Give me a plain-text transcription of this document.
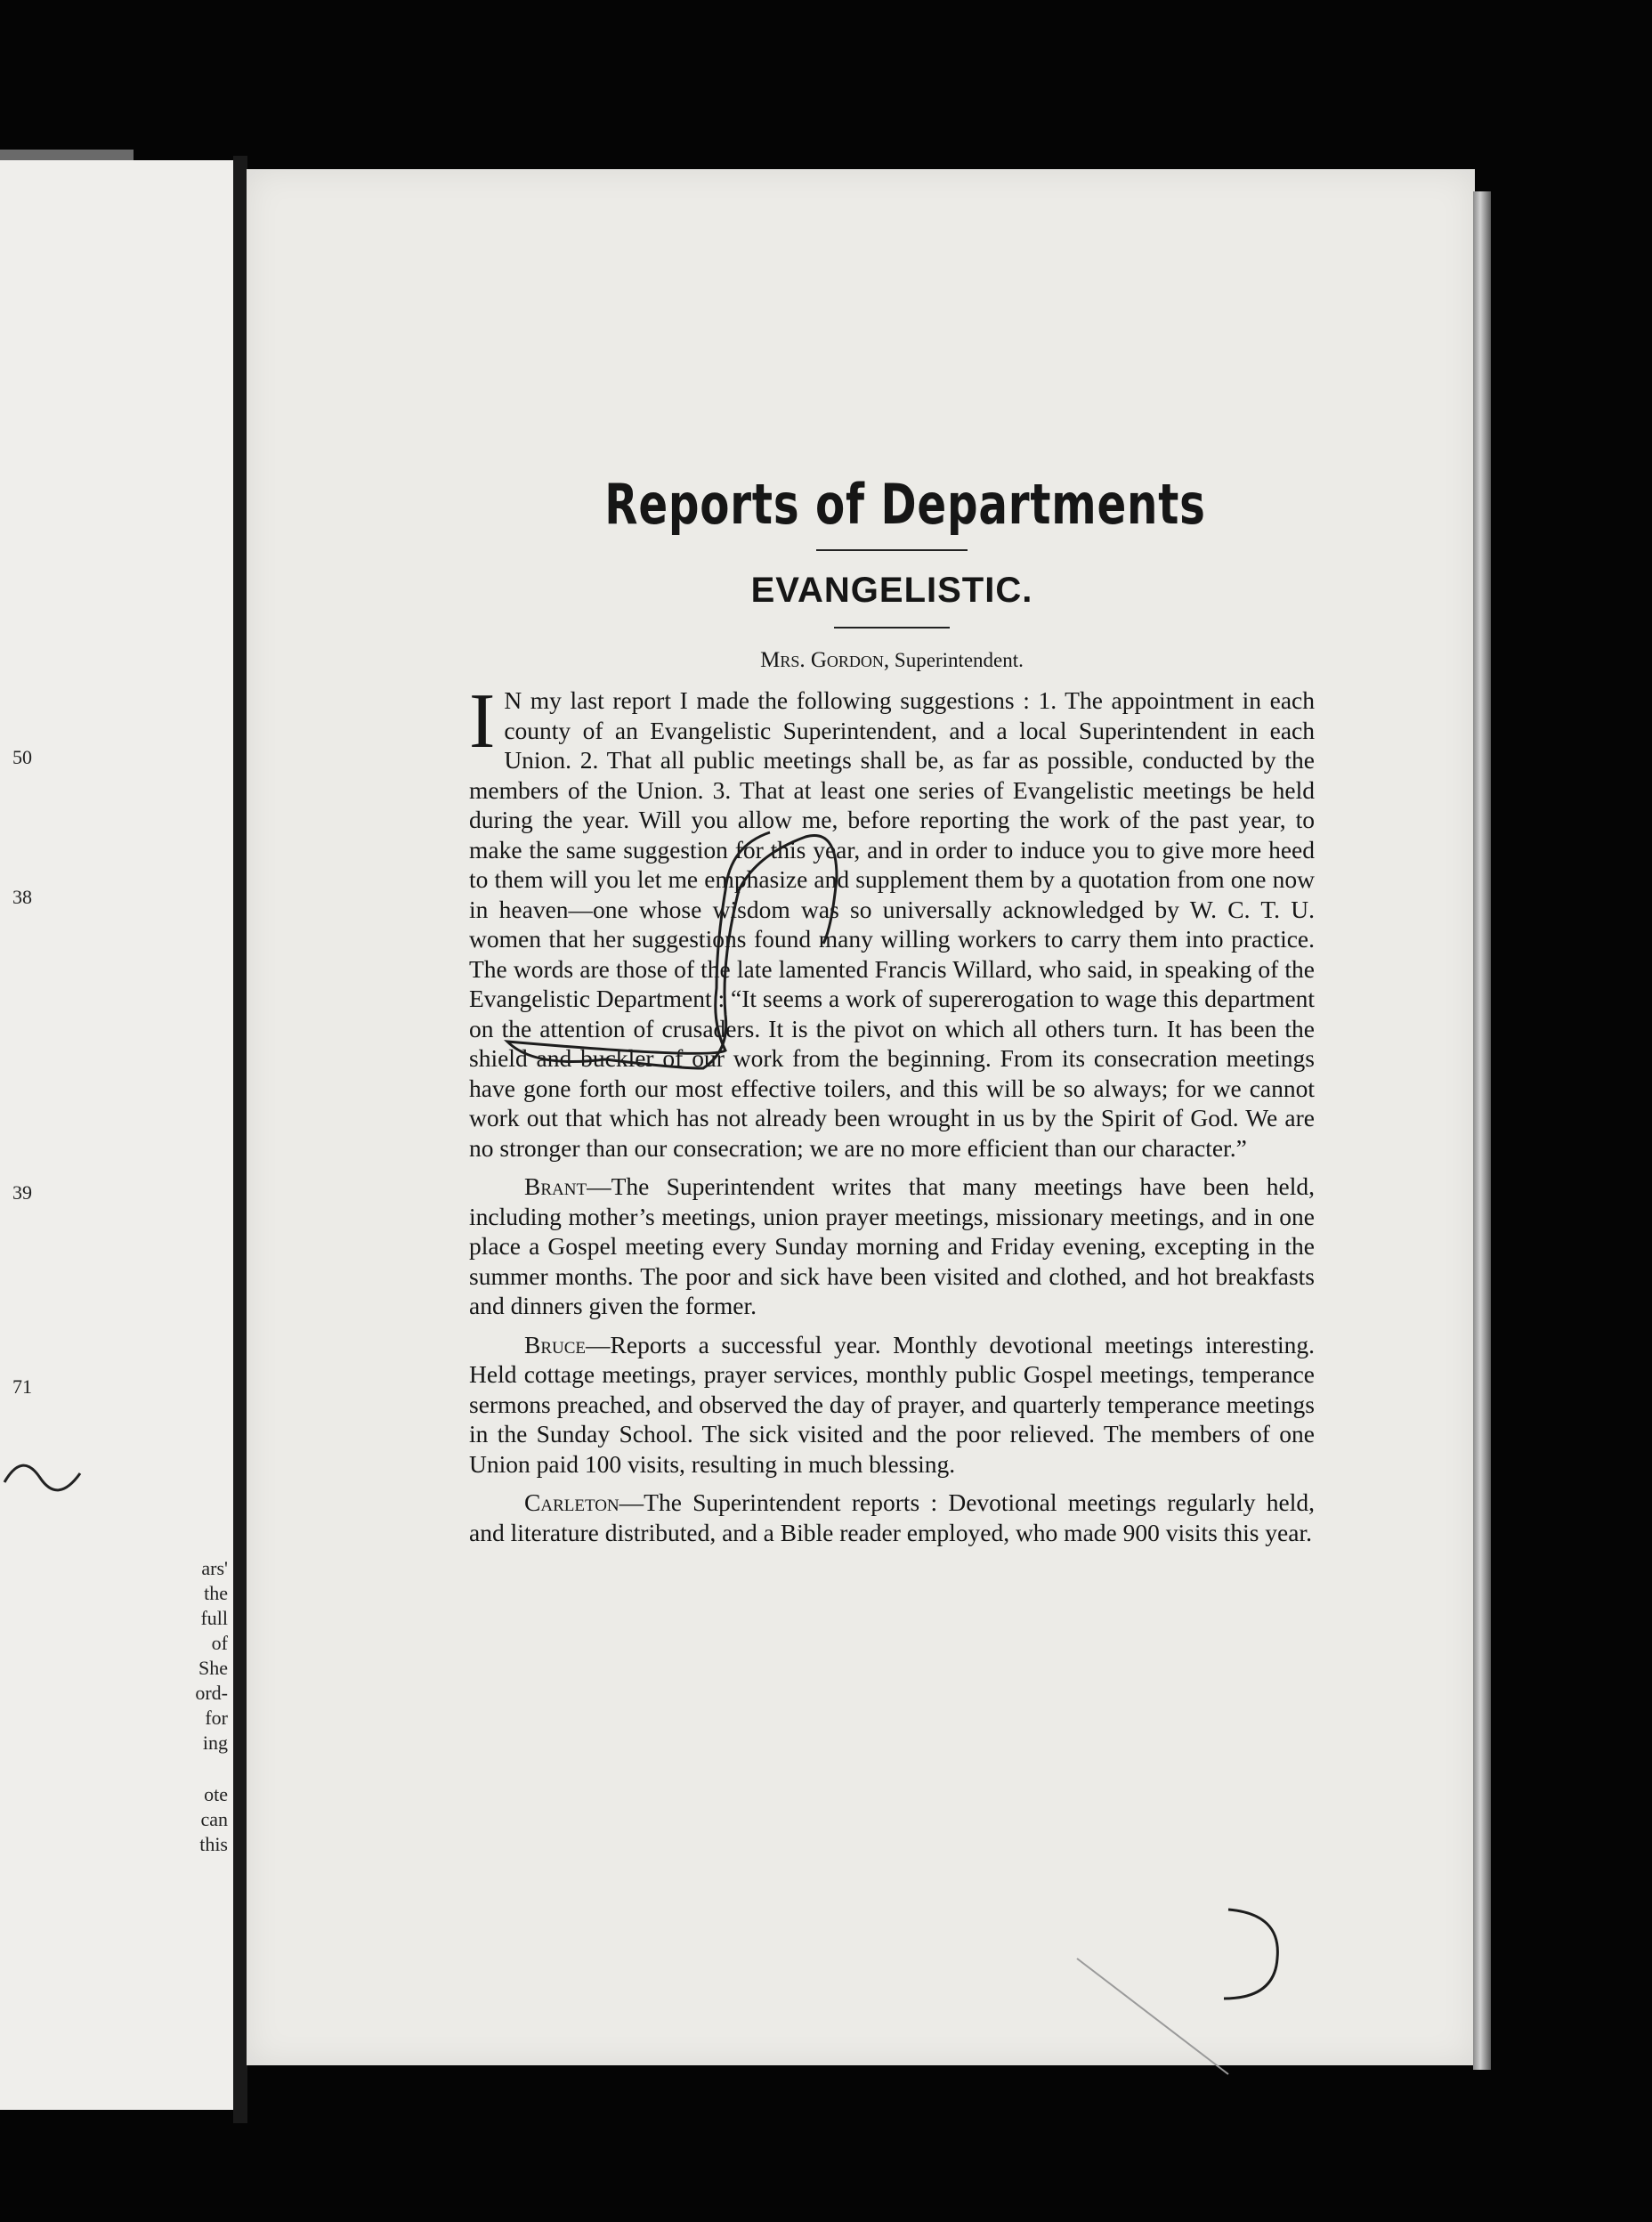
50
38
39
71
ars'
the
full
of
She
ord-
for
ing
ote
can
this
Reports of Departments
EVANGELISTIC.
Mrs. Gordon, Superintendent.

I N my last report I made the following suggestions : 1. The appointment in each county of an Evangelistic Superintendent, and a local Superintendent in each Union. 2. That all public meetings shall be, as far as possible, conducted by the members of the Union. 3. That at least one series of Evangelistic meetings be held during the year. Will you allow me, before reporting the work of the past year, to make the same suggestion for this year, and in order to induce you to give more heed to them will you let me emphasize and supplement them by a quotation from one now in heaven—one whose wisdom was so universally acknowledged by W. C. T. U. women that her suggestions found many willing workers to carry them into practice. The words are those of the late lamented Francis Willard, who said, in speaking of the Evangelistic Department : “It seems a work of supererogation to wage this department on the attention of crusaders. It is the pivot on which all others turn. It has been the shield and buckler of our work from the beginning. From its consecration meetings have gone forth our most effective toilers, and this will be so always; for we cannot work out that which has not already been wrought in us by the Spirit of God. We are no stronger than our consecration; we are no more efficient than our character.”

Brant—The Superintendent writes that many meetings have been held, including mother’s meetings, union prayer meetings, missionary meetings, and in one place a Gospel meeting every Sunday morning and Friday evening, excepting in the summer months. The poor and sick have been visited and clothed, and hot breakfasts and dinners given the former.

Bruce—Reports a successful year. Monthly devotional meetings interesting. Held cottage meetings, prayer services, monthly public Gospel meetings, temperance sermons preached, and observed the day of prayer, and quarterly temperance meetings in the Sunday School. The sick visited and the poor relieved. The members of one Union paid 100 visits, resulting in much blessing.

Carleton—The Superintendent reports : Devotional meetings regularly held, and literature distributed, and a Bible reader employed, who made 900 visits this year.
